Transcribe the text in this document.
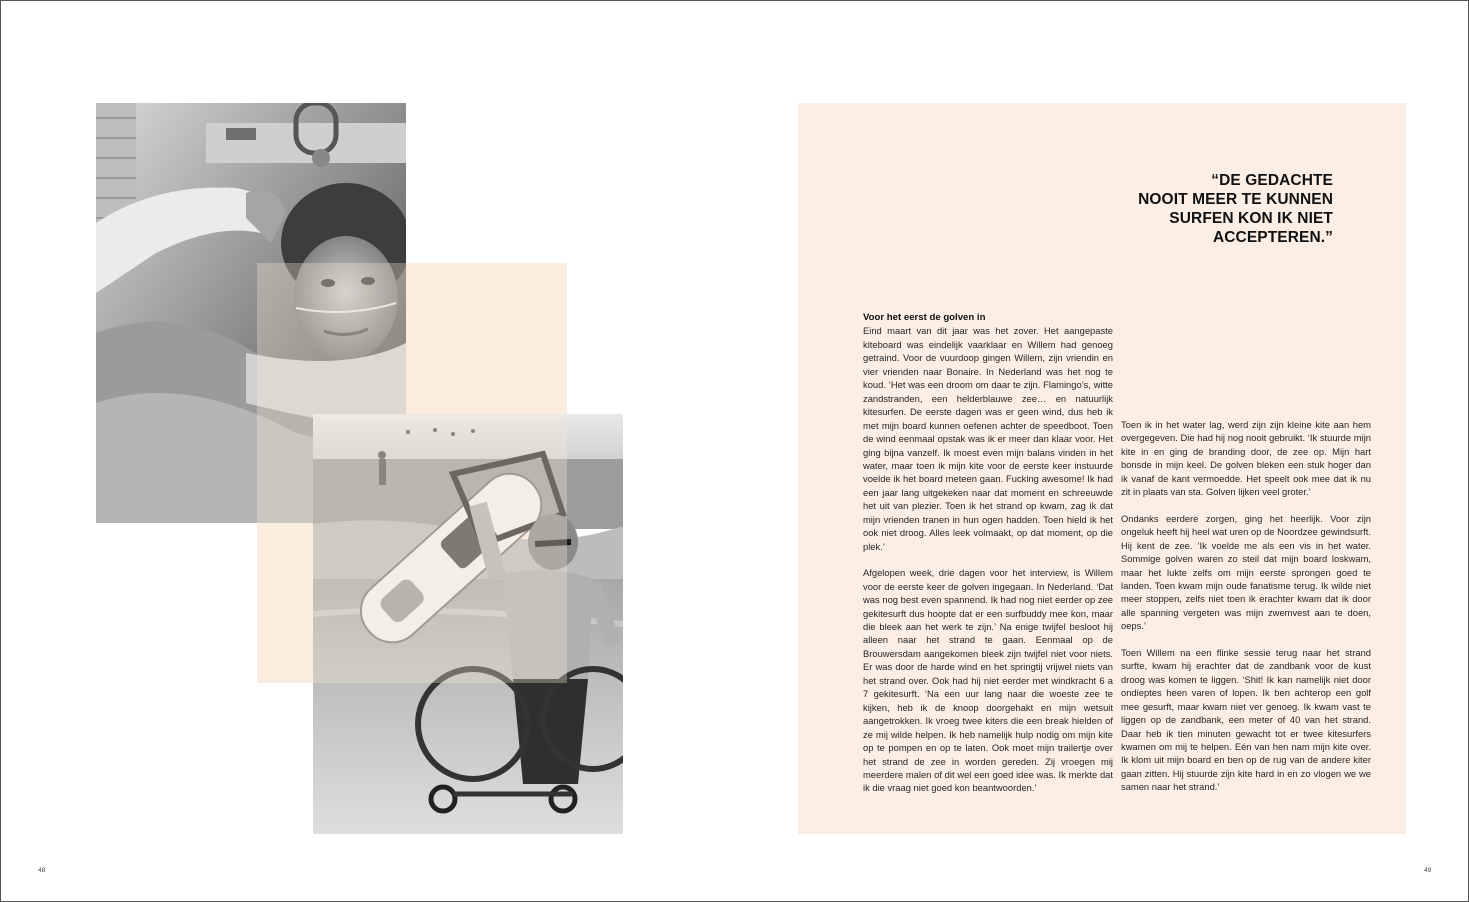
48
“DE GEDACHTE
NOOIT MEER TE KUNNEN
SURFEN KON IK NIET
ACCEPTEREN.”
Voor het eerst de golven in

Eind maart van dit jaar was het zover. Het aangepaste kiteboard was eindelijk vaarklaar en Willem had genoeg getraind. Voor de vuurdoop gingen Willem, zijn vriendin en vier vrienden naar Bonaire. In Nederland was het nog te koud. ‘Het was een droom om daar te zijn. Flamingo’s, witte zandstranden, een helderblauwe zee… en natuurlijk kitesurfen. De eerste dagen was er geen wind, dus heb ik met mijn board kunnen oefenen achter de speedboot. Toen de wind eenmaal opstak was ik er meer dan klaar voor. Het ging bijna vanzelf. Ik moest even mijn balans vinden in het water, maar toen ik mijn kite voor de eerste keer instuurde voelde ik het board meteen gaan. Fucking awesome! Ik had een jaar lang uitgekeken naar dat moment en schreeuwde het uit van plezier. Toen ik het strand op kwam, zag ik dat mijn vrienden tranen in hun ogen hadden. Toen hield ik het ook niet droog. Alles leek volmaakt, op dat moment, op die plek.’

Afgelopen week, drie dagen voor het interview, is Willem voor de eerste keer de golven ingegaan. In Nederland. ‘Dat was nog best even spannend. Ik had nog niet eerder op zee gekitesurft dus hoopte dat er een surfbuddy mee kon, maar die bleek aan het werk te zijn.’ Na enige twijfel besloot hij alleen naar het strand te gaan. Eenmaal op de Brouwersdam aangekomen bleek zijn twijfel niet voor niets. Er was door de harde wind en het springtij vrijwel niets van het strand over. Ook had hij niet eerder met windkracht 6 a 7 gekitesurft. ‘Na een uur lang naar die woeste zee te kijken, heb ik de knoop doorgehakt en mijn wetsuit aangetrokken. Ik vroeg twee kiters die een break hielden of ze mij wilde helpen. Ik heb namelijk hulp nodig om mijn kite op te pompen en op te laten. Ook moet mijn trailertje over het strand de zee in worden gereden. Zij vroegen mij meerdere malen of dit wel een goed idee was. Ik merkte dat ik die vraag niet goed kon beantwoorden.’

Toen ik in het water lag, werd zijn zijn kleine kite aan hem overgegeven. Die had hij nog nooit gebruikt. ‘Ik stuurde mijn kite in en ging de branding door, de zee op. Mijn hart bonsde in mijn keel. De golven bleken een stuk hoger dan ik vanaf de kant vermoedde. Het speelt ook mee dat ik nu zit in plaats van sta. Golven lijken veel groter.’

Ondanks eerdere zorgen, ging het heerlijk. Voor zijn ongeluk heeft hij heel wat uren op de Noordzee gewindsurft. Hij kent de zee. ‘Ik voelde me als een vis in het water. Sommige golven waren zo steil dat mijn board loskwam, maar het lukte zelfs om mijn eerste sprongen goed te landen. Toen kwam mijn oude fanatisme terug. Ik wilde niet meer stoppen, zelfs niet toen ik erachter kwam dat ik door alle spanning vergeten was mijn zwemvest aan te doen, oeps.’

Toen Willem na een flinke sessie terug naar het strand surfte, kwam hij erachter dat de zandbank voor de kust droog was komen te liggen. ‘Shit! Ik kan namelijk niet door ondieptes heen varen of lopen. Ik ben achterop een golf mee gesurft, maar kwam niet ver genoeg. Ik kwam vast te liggen op de zandbank, een meter of 40 van het strand. Daar heb ik tien minuten gewacht tot er twee kitesurfers kwamen om mij te helpen. Eén van hen nam mijn kite over. Ik klom uit mijn board en ben op de rug van de andere kiter gaan zitten. Hij stuurde zijn kite hard in en zo vlogen we we samen naar het strand.’

49
